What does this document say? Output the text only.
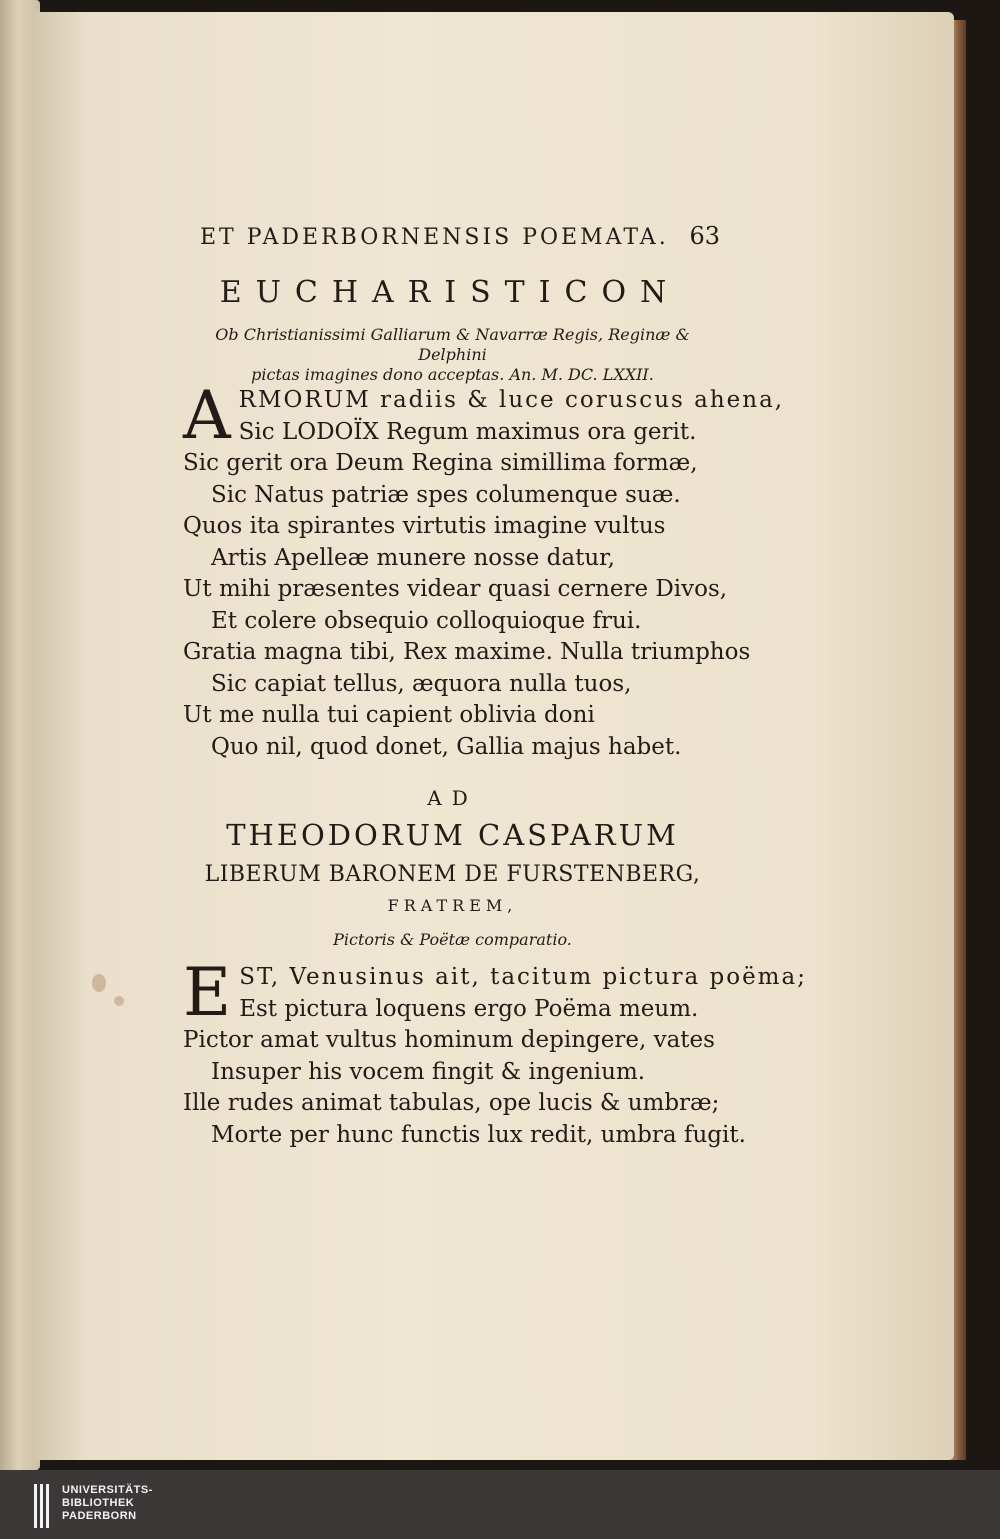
ET PADERBORNENSIS POEMATA. 63
EUCHARISTICON
Ob Christianissimi Galliarum & Navarræ Regis, Reginæ & Delphini
pictas imagines dono acceptas. An. M. DC. LXXII.
A RMORUM radiis & luce coruscus ahena,
Sic LODOÏX Regum maximus ora gerit.
Sic gerit ora Deum Regina simillima formæ,
Sic Natus patriæ spes columenque suæ.
Quos ita spirantes virtutis imagine vultus
Artis Apelleæ munere nosse datur,
Ut mihi præsentes videar quasi cernere Divos,
Et colere obsequio colloquioque frui.
Gratia magna tibi, Rex maxime. Nulla triumphos
Sic capiat tellus, æquora nulla tuos,
Ut me nulla tui capient oblivia doni
Quo nil, quod donet, Gallia majus habet.
AD
THEODORUM CASPARUM
LIBERUM BARONEM DE FURSTENBERG,
FRATREM,
Pictoris & Poëtæ comparatio.
E ST, Venusinus ait, tacitum pictura poëma;
Est pictura loquens ergo Poëma meum.
Pictor amat vultus hominum depingere, vates
Insuper his vocem fingit & ingenium.
Ille rudes animat tabulas, ope lucis & umbræ;
Morte per hunc functis lux redit, umbra fugit.
UNIVERSITÄTS-
BIBLIOTHEK
PADERBORN
